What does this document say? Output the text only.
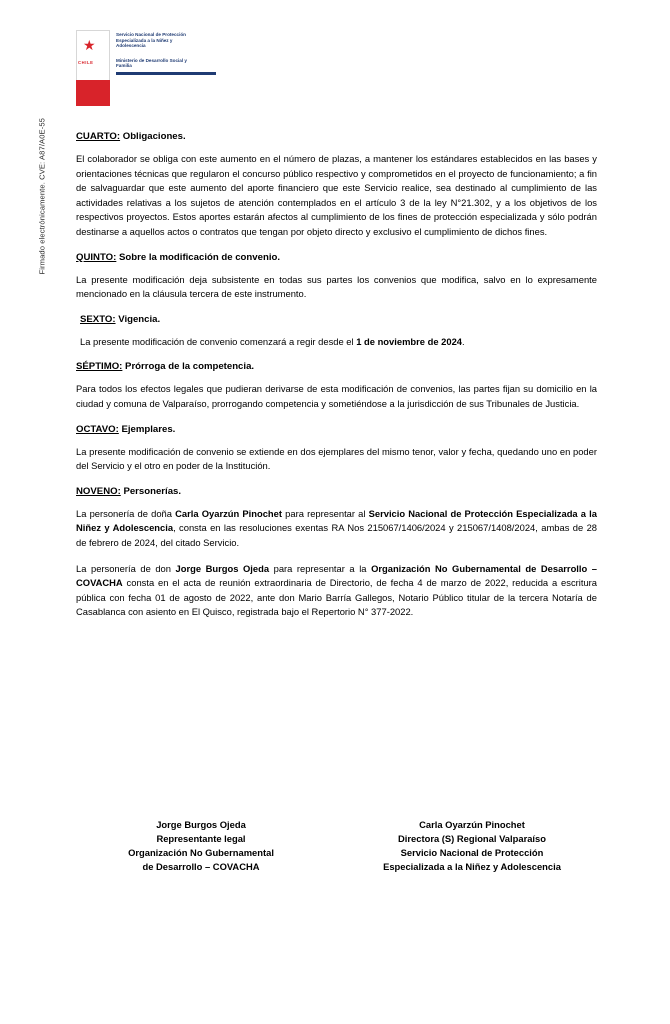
Firmado electrónicamente. CVE: A87/A0E-55
★
CHILE
Servicio Nacional de Protección Especializada a la Niñez y Adolescencia
Ministerio de Desarrollo Social y Familia

CUARTO: Obligaciones.

El colaborador se obliga con este aumento en el número de plazas, a mantener los estándares establecidos en las bases y orientaciones técnicas que regularon el concurso público respectivo y comprometidos en el proyecto de funcionamiento; a fin de salvaguardar que este aumento del aporte financiero que este Servicio realice, sea destinado al cumplimiento de las actividades relativas a los sujetos de atención contemplados en el artículo 3 de la ley N°21.302, y a los objetivos de los respectivos proyectos. Estos aportes estarán afectos al cumplimiento de los fines de protección especializada y sólo podrán destinarse a aquellos actos o contratos que tengan por objeto directo y exclusivo el cumplimiento de dichos fines.

QUINTO: Sobre la modificación de convenio.

La presente modificación deja subsistente en todas sus partes los convenios que modifica, salvo en lo expresamente mencionado en la cláusula tercera de este instrumento.

SEXTO: Vigencia.

La presente modificación de convenio comenzará a regir desde el 1 de noviembre de 2024.

SÉPTIMO: Prórroga de la competencia.

Para todos los efectos legales que pudieran derivarse de esta modificación de convenios, las partes fijan su domicilio en la ciudad y comuna de Valparaíso, prorrogando competencia y sometiéndose a la jurisdicción de sus Tribunales de Justicia.

OCTAVO: Ejemplares.

La presente modificación de convenio se extiende en dos ejemplares del mismo tenor, valor y fecha, quedando uno en poder del Servicio y el otro en poder de la Institución.

NOVENO: Personerías.

La personería de doña Carla Oyarzún Pinochet para representar al Servicio Nacional de Protección Especializada a la Niñez y Adolescencia, consta en las resoluciones exentas RA Nos 215067/1406/2024 y 215067/1408/2024, ambas de 28 de febrero de 2024, del citado Servicio.

La personería de don Jorge Burgos Ojeda para representar a la Organización No Gubernamental de Desarrollo – COVACHA consta en el acta de reunión extraordinaria de Directorio, de fecha 4 de marzo de 2022, reducida a escritura pública con fecha 01 de agosto de 2022, ante don Mario Barría Gallegos, Notario Público titular de la tercera Notaría de Casablanca con asiento en El Quisco, registrada bajo el Repertorio N° 377-2022.

Jorge Burgos Ojeda
Representante legal
Organización No Gubernamental
de Desarrollo – COVACHA
Carla Oyarzún Pinochet
Directora (S) Regional Valparaíso
Servicio Nacional de Protección
Especializada a la Niñez y Adolescencia
